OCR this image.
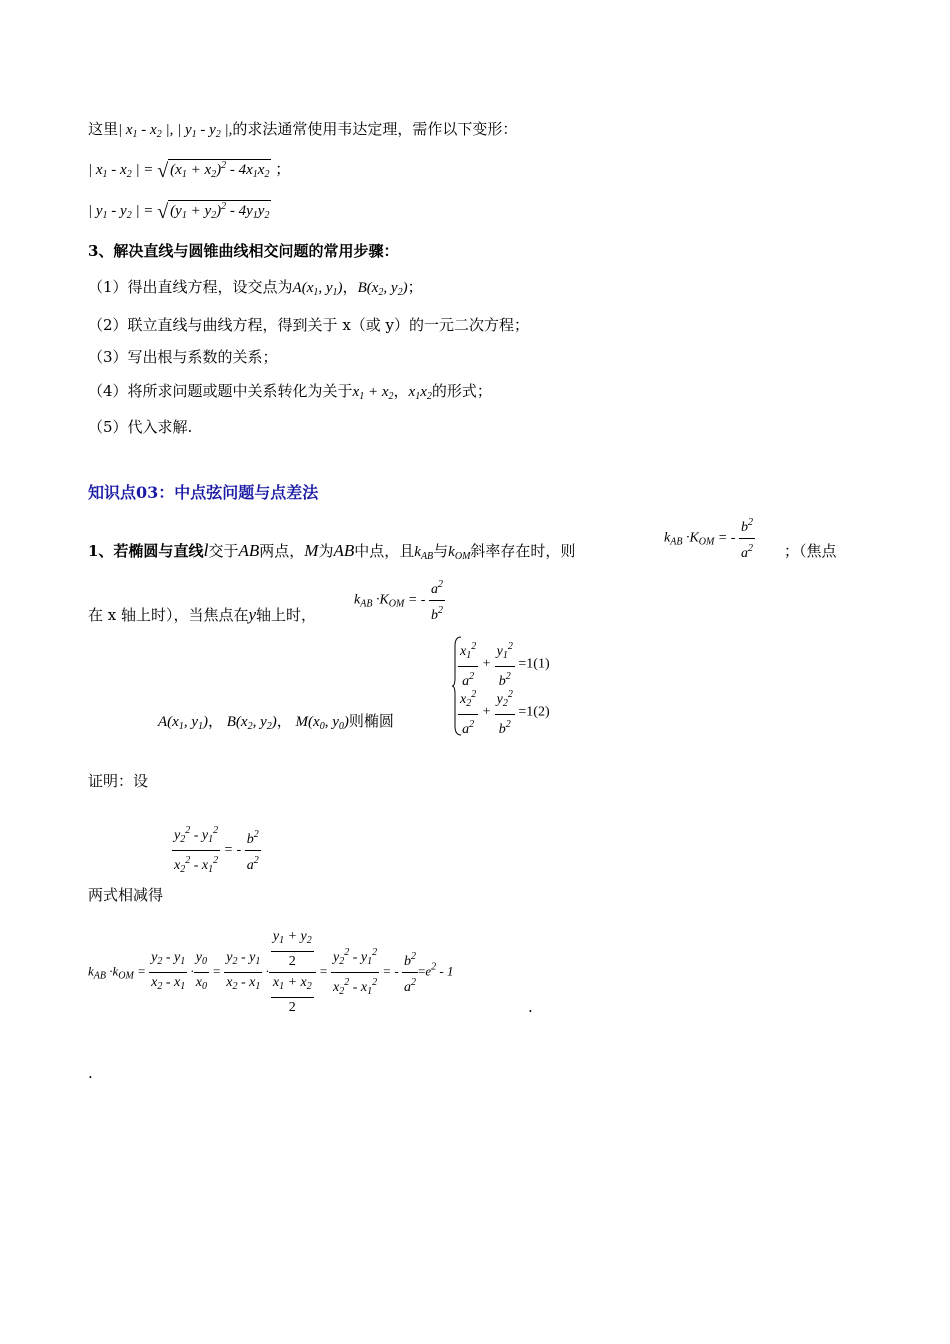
这里| $x_1 - x_2$ |, | $y_1 - y_2$ |,的求法通常使用韦达定理，需作以下变形：
| $x_1 - x_2$ | = √ $(x_1 + x_2)^2 - 4x_1x_2$ ；
| $y_1 - y_2$ | = √ $(y_1 + y_2)^2 - 4y_1y_2$
3、解决直线与圆锥曲线相交问题的常用步骤：
（1）得出直线方程，设交点为$A(x_1$, $y_1$)，$B(x_2$, $y_2$)；
（2）联立直线与曲线方程，得到关于 x（或 y）的一元二次方程；
（3）写出根与系数的关系；
（4）将所求问题或题中关系转化为关于$x_1 + x_2$，$x_1x_2$的形式；
（5）代入求解.
知识点03：中点弦问题与点差法
1、若椭圆与直线l交于AB两点，M为AB中点，且$k_{AB}$与$k_{OM}$斜率存在时，则
$k_{AB} \cdot K_{OM}$ = - $\frac{b^2}{a^2}$ ；（焦点
在 x 轴上时），当焦点在y轴上时，
$k_{AB} \cdot K_{OM}$ = - $\frac{a^2}{b^2}$
$A(x_1$, $y_1$)， $B(x_2$, $y_2$)， $M(x_0$, $y_0$)则椭圆
$\frac{x_1^2}{a^2} + \frac{y_1^2}{b^2} =1(1)$
$\frac{x_2^2}{a^2} + \frac{y_2^2}{b^2} =1(2)$
证明：设
$\frac{y_2^2 - y_1^2}{x_2^2 - x_1^2}$ = - $\frac{b^2}{a^2}$
两式相减得
$k_{AB} \cdot k_{OM} = \frac{y_2 - y_1}{x_2 - x_1} \cdot \frac{y_0}{x_0} = \frac{y_2 - y_1}{x_2 - x_1} \cdot \frac{\frac{y_1 + y_2}{2}}{\frac{x_1 + x_2}{2}} = \frac{y_2^2 - y_1^2}{x_2^2 - x_1^2}$ = - $\frac{b^2}{a^2} =e^2 - 1$
.
.
